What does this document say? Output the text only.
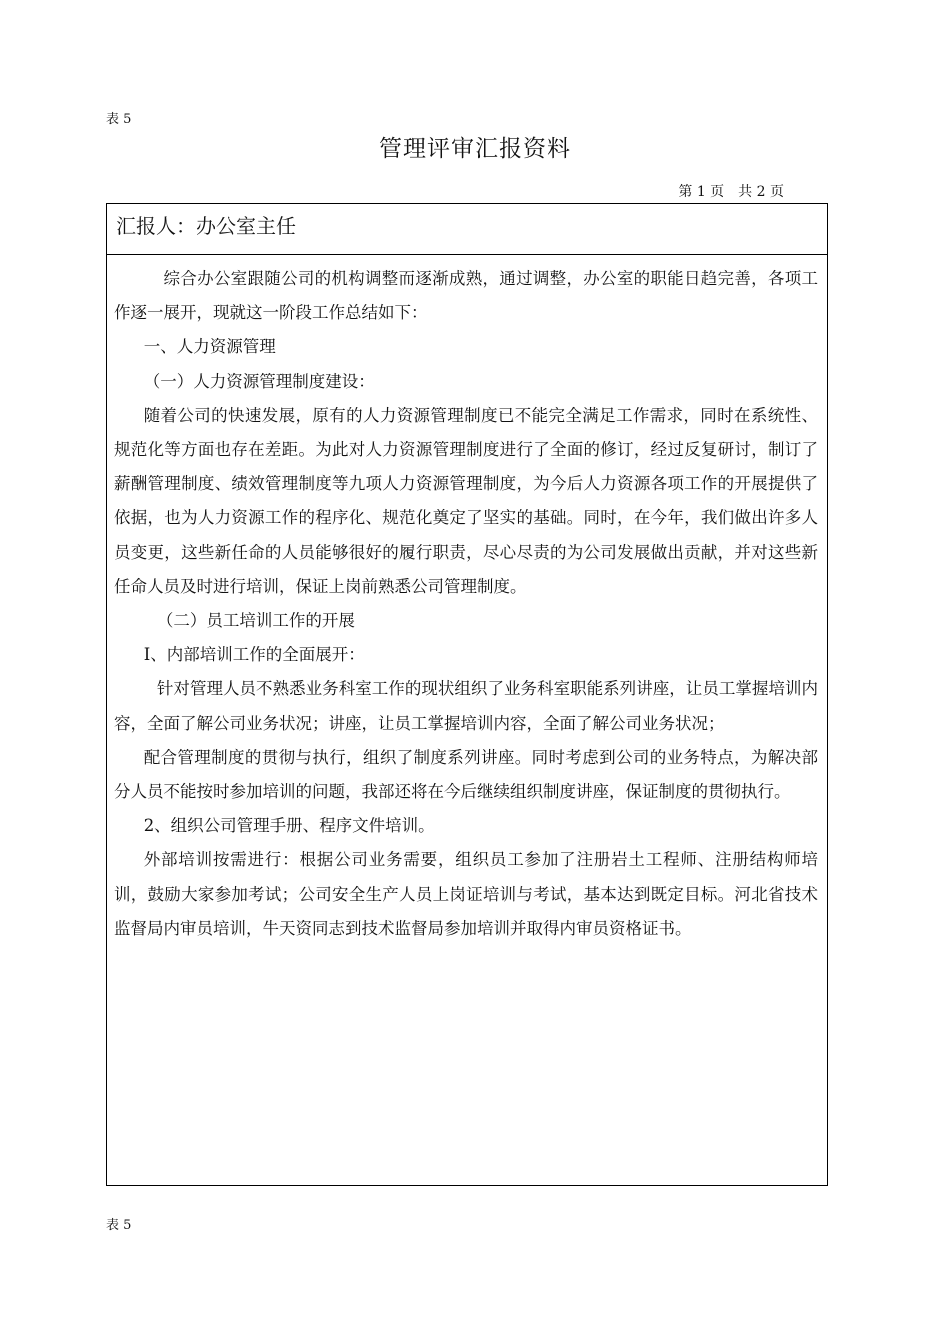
表 5
管理评审汇报资料
第 1 页　共 2 页
汇报人：办公室主任

综合办公室跟随公司的机构调整而逐渐成熟，通过调整，办公室的职能日趋完善，各项工作逐一展开，现就这一阶段工作总结如下：

一、人力资源管理

（一）人力资源管理制度建设：

随着公司的快速发展，原有的人力资源管理制度已不能完全满足工作需求，同时在系统性、规范化等方面也存在差距。为此对人力资源管理制度进行了全面的修订，经过反复研讨，制订了薪酬管理制度、绩效管理制度等九项人力资源管理制度，为今后人力资源各项工作的开展提供了依据，也为人力资源工作的程序化、规范化奠定了坚实的基础。同时，在今年，我们做出许多人员变更，这些新任命的人员能够很好的履行职责，尽心尽责的为公司发展做出贡献，并对这些新任命人员及时进行培训，保证上岗前熟悉公司管理制度。

（二）员工培训工作的开展

Ⅰ、内部培训工作的全面展开：

针对管理人员不熟悉业务科室工作的现状组织了业务科室职能系列讲座，让员工掌握培训内容，全面了解公司业务状况；讲座，让员工掌握培训内容，全面了解公司业务状况；

配合管理制度的贯彻与执行，组织了制度系列讲座。同时考虑到公司的业务特点，为解决部分人员不能按时参加培训的问题，我部还将在今后继续组织制度讲座，保证制度的贯彻执行。

2、组织公司管理手册、程序文件培训。

外部培训按需进行：根据公司业务需要，组织员工参加了注册岩土工程师、注册结构师培训，鼓励大家参加考试；公司安全生产人员上岗证培训与考试，基本达到既定目标。河北省技术监督局内审员培训，牛天资同志到技术监督局参加培训并取得内审员资格证书。

表 5
